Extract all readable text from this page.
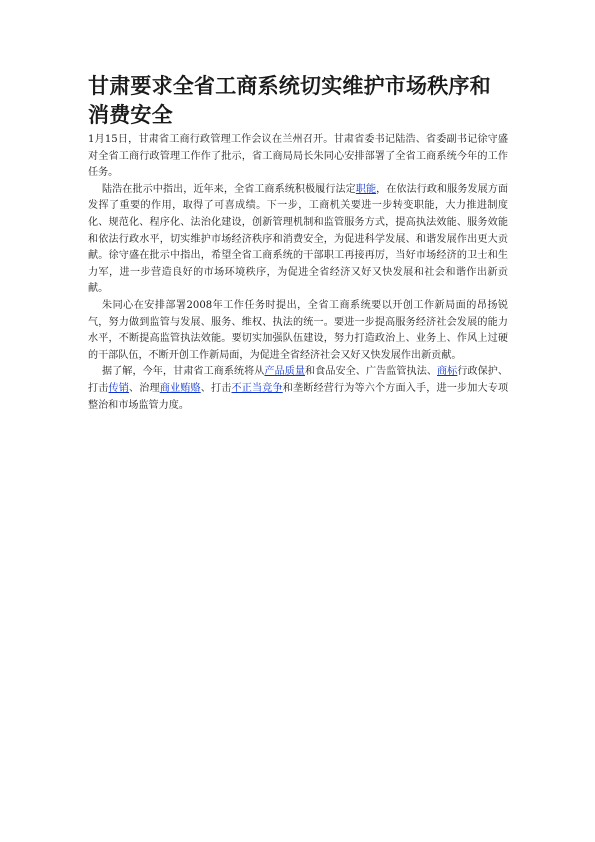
甘肃要求全省工商系统切实维护市场秩序和消费安全

1月15日，甘肃省工商行政管理工作会议在兰州召开。甘肃省委书记陆浩、省委副书记徐守盛对全省工商行政管理工作作了批示，省工商局局长朱同心安排部署了全省工商系统今年的工作任务。

陆浩在批示中指出，近年来，全省工商系统积极履行法定职能，在依法行政和服务发展方面发挥了重要的作用，取得了可喜成绩。下一步，工商机关要进一步转变职能，大力推进制度化、规范化、程序化、法治化建设，创新管理机制和监管服务方式，提高执法效能、服务效能和依法行政水平，切实维护市场经济秩序和消费安全，为促进科学发展、和谐发展作出更大贡献。徐守盛在批示中指出，希望全省工商系统的干部职工再接再厉，当好市场经济的卫士和生力军，进一步营造良好的市场环境秩序，为促进全省经济又好又快发展和社会和谐作出新贡献。

朱同心在安排部署2008年工作任务时提出，全省工商系统要以开创工作新局面的昂扬锐气，努力做到监管与发展、服务、维权、执法的统一。要进一步提高服务经济社会发展的能力水平，不断提高监管执法效能。要切实加强队伍建设，努力打造政治上、业务上、作风上过硬的干部队伍，不断开创工作新局面，为促进全省经济社会又好又快发展作出新贡献。

据了解，今年，甘肃省工商系统将从产品质量和食品安全、广告监管执法、商标行政保护、打击传销、治理商业贿赂、打击不正当竞争和垄断经营行为等六个方面入手，进一步加大专项整治和市场监管力度。
